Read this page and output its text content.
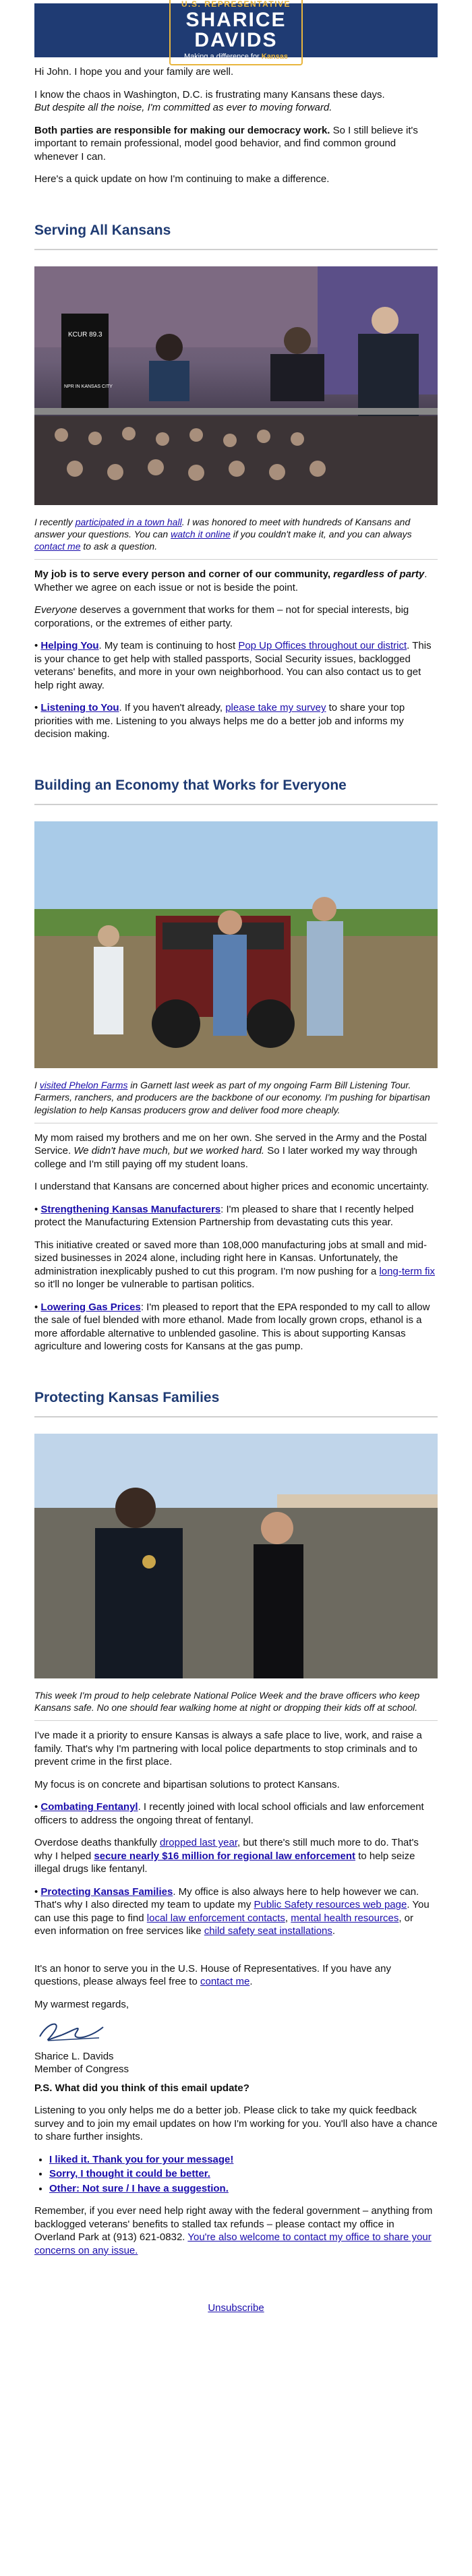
U.S. REPRESENTATIVE
SHARICE
DAVIDS
Making a difference for Kansas

Hi John. I hope you and your family are well.

I know the chaos in Washington, D.C. is frustrating many Kansans these days.
But despite all the noise, I'm committed as ever to moving forward.

Both parties are responsible for making our democracy work. So I still believe it's important to remain professional, model good behavior, and find common ground whenever I can.

Here's a quick update on how I'm continuing to make a difference.

Serving All Kansans
KCUR 89.3
NPR IN KANSAS CITY
I recently participated in a town hall. I was honored to meet with hundreds of Kansans and answer your questions. You can watch it online if you couldn't make it, and you can always contact me to ask a question.

My job is to serve every person and corner of our community, regardless of party. Whether we agree on each issue or not is beside the point.

Everyone deserves a government that works for them – not for special interests, big corporations, or the extremes of either party.

• Helping You. My team is continuing to host Pop Up Offices throughout our district. This is your chance to get help with stalled passports, Social Security issues, backlogged veterans' benefits, and more in your own neighborhood. You can also contact us to get help right away.

• Listening to You. If you haven't already, please take my survey to share your top priorities with me. Listening to you always helps me do a better job and informs my decision making.

Building an Economy that Works for Everyone
I visited Phelon Farms in Garnett last week as part of my ongoing Farm Bill Listening Tour. Farmers, ranchers, and producers are the backbone of our economy. I'm pushing for bipartisan legislation to help Kansas producers grow and deliver food more cheaply.

My mom raised my brothers and me on her own. She served in the Army and the Postal Service. We didn't have much, but we worked hard. So I later worked my way through college and I'm still paying off my student loans.

I understand that Kansans are concerned about higher prices and economic uncertainty.

• Strengthening Kansas Manufacturers: I'm pleased to share that I recently helped protect the Manufacturing Extension Partnership from devastating cuts this year.

This initiative created or saved more than 108,000 manufacturing jobs at small and mid-sized businesses in 2024 alone, including right here in Kansas. Unfortunately, the administration inexplicably pushed to cut this program. I'm now pushing for a long-term fix so it'll no longer be vulnerable to partisan politics.

• Lowering Gas Prices: I'm pleased to report that the EPA responded to my call to allow the sale of fuel blended with more ethanol. Made from locally grown crops, ethanol is a more affordable alternative to unblended gasoline. This is about supporting Kansas agriculture and lowering costs for Kansans at the gas pump.

Protecting Kansas Families
This week I'm proud to help celebrate National Police Week and the brave officers who keep Kansans safe. No one should fear walking home at night or dropping their kids off at school.

I've made it a priority to ensure Kansas is always a safe place to live, work, and raise a family. That's why I'm partnering with local police departments to stop criminals and to prevent crime in the first place.

My focus is on concrete and bipartisan solutions to protect Kansans.

• Combating Fentanyl. I recently joined with local school officials and law enforcement officers to address the ongoing threat of fentanyl.

Overdose deaths thankfully dropped last year, but there's still much more to do. That's why I helped secure nearly $16 million for regional law enforcement to help seize illegal drugs like fentanyl.

• Protecting Kansas Families. My office is also always here to help however we can. That's why I also directed my team to update my Public Safety resources web page. You can use this page to find local law enforcement contacts, mental health resources, or even information on free services like child safety seat installations.

It's an honor to serve you in the U.S. House of Representatives. If you have any questions, please always feel free to contact me.

My warmest regards,

Sharice L. Davids
Member of Congress

P.S. What did you think of this email update?

Listening to you only helps me do a better job. Please click to take my quick feedback survey and to join my email updates on how I'm working for you. You'll also have a chance to share further insights.

• I liked it. Thank you for your message!
• Sorry, I thought it could be better.
• Other: Not sure / I have a suggestion.

Remember, if you ever need help right away with the federal government – anything from backlogged veterans' benefits to stalled tax refunds – please contact my office in Overland Park at (913) 621-0832. You're also welcome to contact my office to share your concerns on any issue.

Unsubscribe
